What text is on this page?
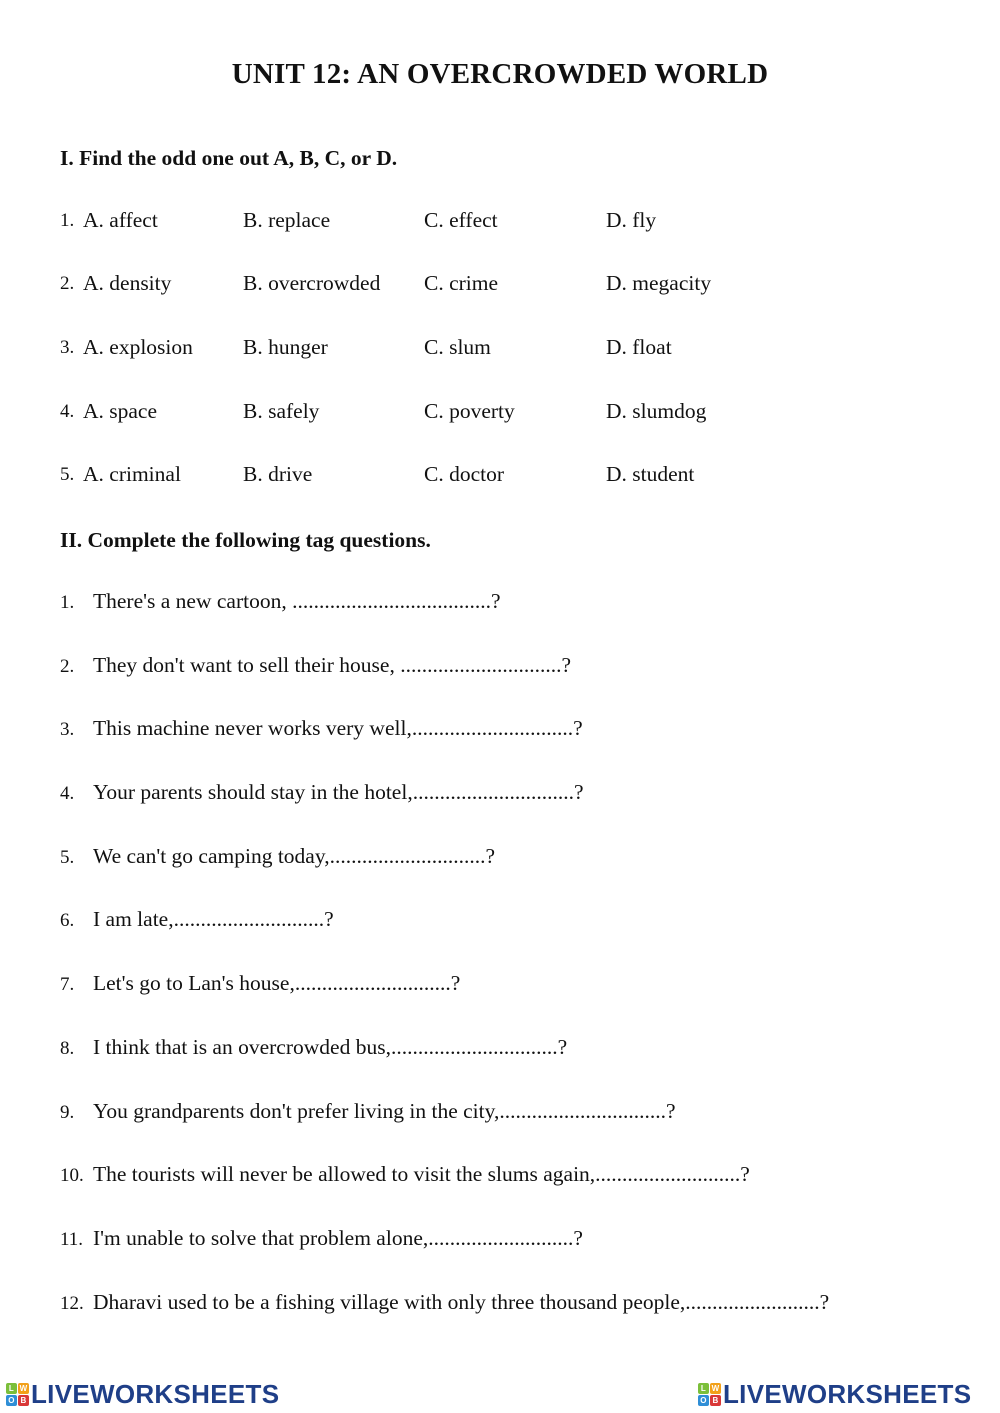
UNIT 12: AN OVERCROWDED WORLD
I. Find the odd one out A, B, C, or D.
1. A. affect	B. replace	C. effect	D. fly
2. A. density	B. overcrowded C. crime	D. megacity
3. A. explosion B. hunger	C. slum	D. float
4. A. space	B. safely	C. poverty	D. slumdog
5. A. criminal	B. drive	C. doctor	D. student
II. Complete the following tag questions.
1. There's a new cartoon, .....................................?
2. They don't want to sell their house, ..............................?
3. This machine never works very well,..............................?
4. Your parents should stay in the hotel,..............................?
5. We can't go camping today,.............................?
6. I am late,............................?
7. Let's go to Lan's house,.............................?
8. I think that is an overcrowded bus,...............................?
9. You grandparents don't prefer living in the city,...............................?
10. The tourists will never be allowed to visit the slums again,...........................?
11. I'm unable to solve that problem alone,...........................?
12. Dharavi used to be a fishing village with only three thousand people,.........................?
L W
O B LIVEWORKSHEETS	L W
O B LIVEWORKSHEETS
